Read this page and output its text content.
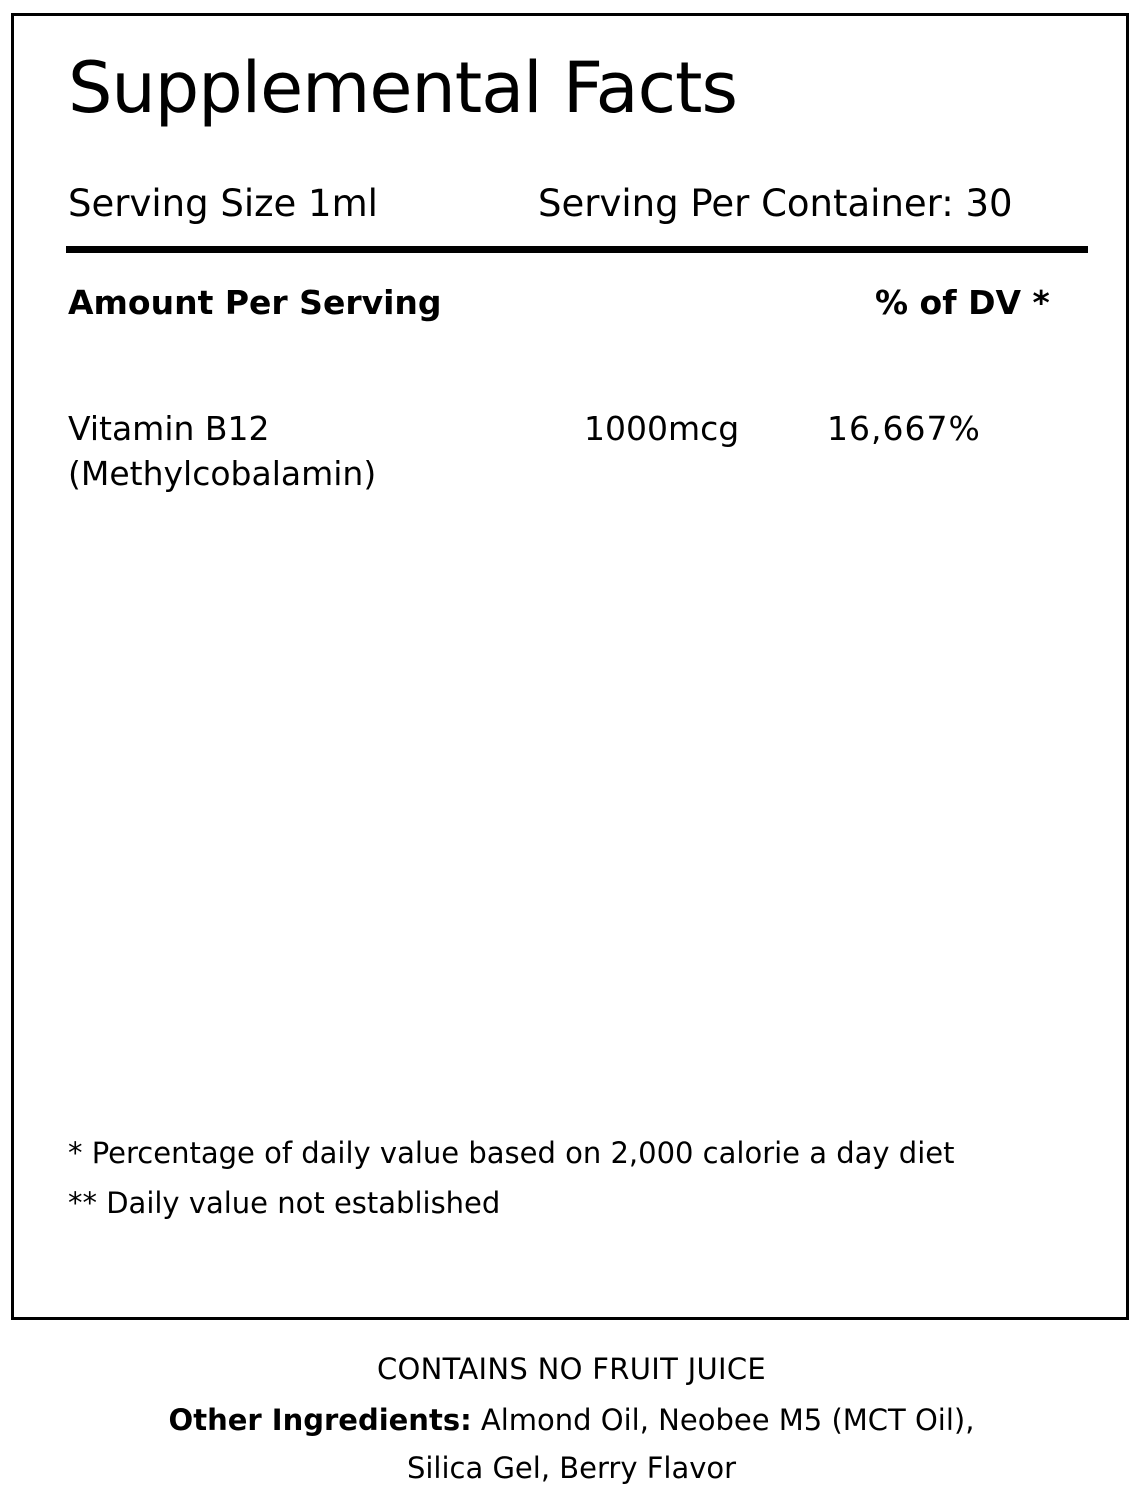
Supplemental Facts
Serving Size 1ml	Serving Per Container: 30
Amount Per Serving	% of DV *
Vitamin B12
(Methylcobalamin)
1000mcg	16,667%
* Percentage of daily value based on 2,000 calorie a day diet
** Daily value not established
CONTAINS NO FRUIT JUICE
Other Ingredients: Almond Oil, Neobee M5 (MCT Oil),
Silica Gel, Berry Flavor
